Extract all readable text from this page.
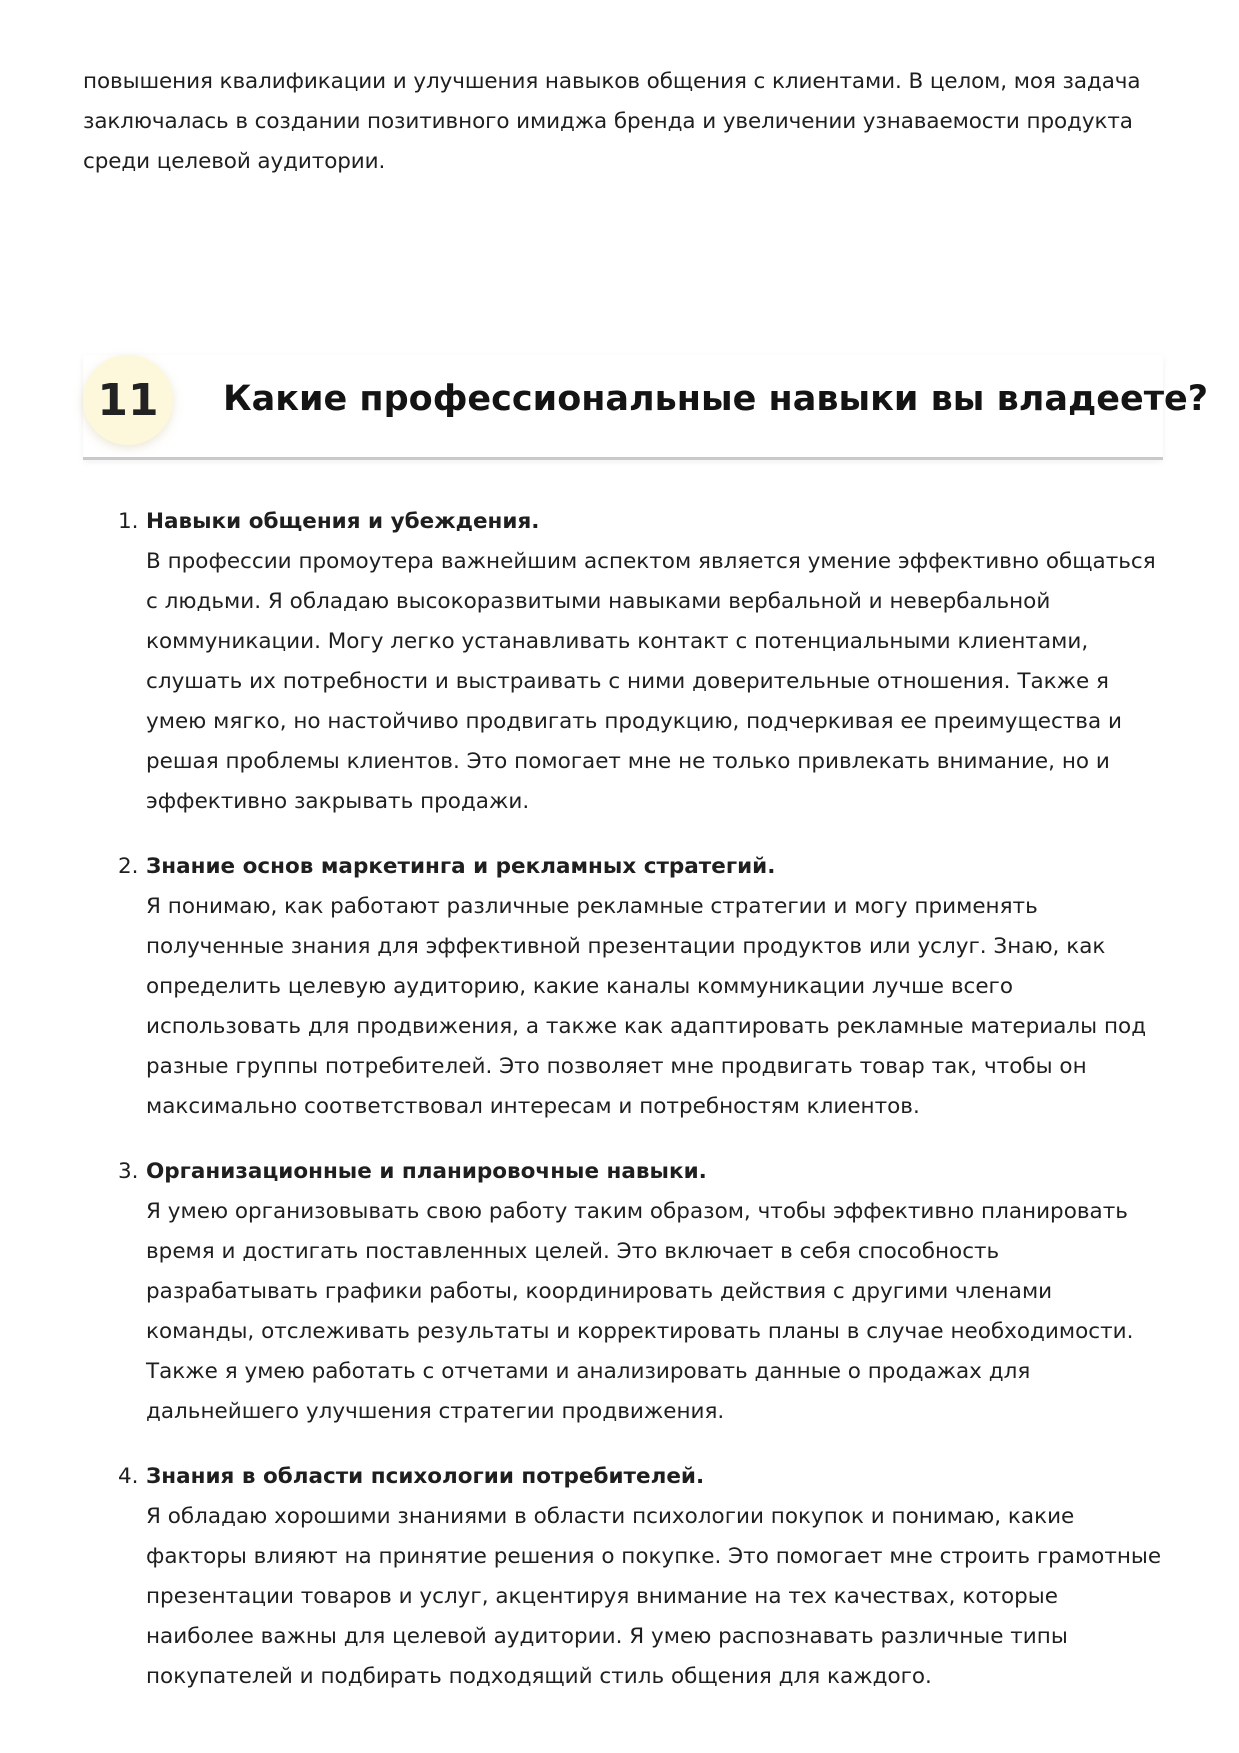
повышения квалификации и улучшения навыков общения с клиентами. В целом, моя задача заключалась в создании позитивного имиджа бренда и увеличении узнаваемости продукта среди целевой аудитории.

11	Какие профессиональные навыки вы владеете?
1. Навыки общения и убеждения.
В профессии промоутера важнейшим аспектом является умение эффективно общаться с людьми. Я обладаю высокоразвитыми навыками вербальной и невербальной коммуникации. Могу легко устанавливать контакт с потенциальными клиентами, слушать их потребности и выстраивать с ними доверительные отношения. Также я умею мягко, но настойчиво продвигать продукцию, подчеркивая ее преимущества и решая проблемы клиентов. Это помогает мне не только привлекать внимание, но и эффективно закрывать продажи.
2. Знание основ маркетинга и рекламных стратегий.
Я понимаю, как работают различные рекламные стратегии и могу применять полученные знания для эффективной презентации продуктов или услуг. Знаю, как определить целевую аудиторию, какие каналы коммуникации лучше всего использовать для продвижения, а также как адаптировать рекламные материалы под разные группы потребителей. Это позволяет мне продвигать товар так, чтобы он максимально соответствовал интересам и потребностям клиентов.
3. Организационные и планировочные навыки.
Я умею организовывать свою работу таким образом, чтобы эффективно планировать время и достигать поставленных целей. Это включает в себя способность разрабатывать графики работы, координировать действия с другими членами команды, отслеживать результаты и корректировать планы в случае необходимости. Также я умею работать с отчетами и анализировать данные о продажах для дальнейшего улучшения стратегии продвижения.
4. Знания в области психологии потребителей.
Я обладаю хорошими знаниями в области психологии покупок и понимаю, какие факторы влияют на принятие решения о покупке. Это помогает мне строить грамотные презентации товаров и услуг, акцентируя внимание на тех качествах, которые наиболее важны для целевой аудитории. Я умею распознавать различные типы покупателей и подбирать подходящий стиль общения для каждого.
